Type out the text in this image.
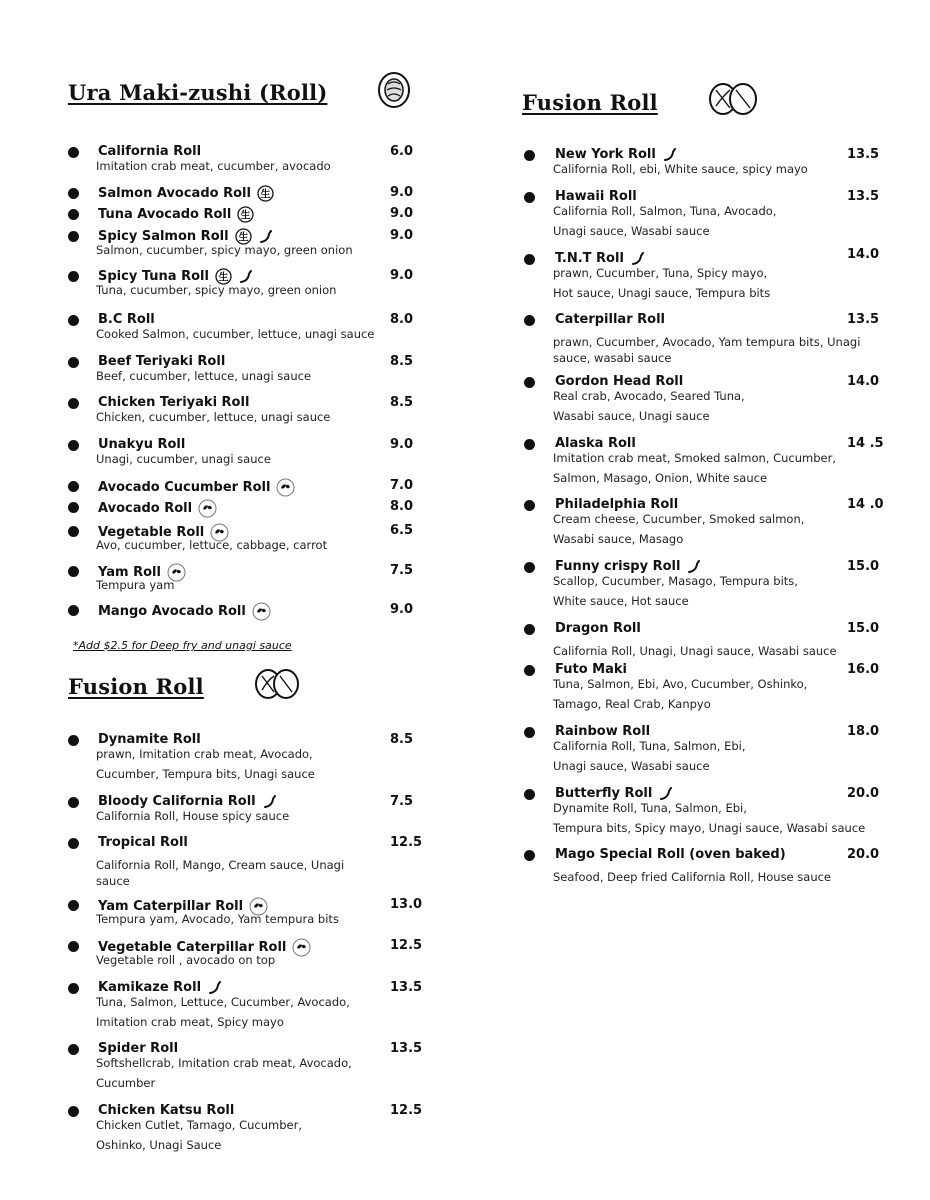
Ura Maki-zushi (Roll)
California Roll	6.0
Imitation crab meat, cucumber, avocado
Salmon Avocado Roll 生	9.0
Tuna Avocado Roll 生	9.0
Spicy Salmon Roll 生	9.0
Salmon, cucumber, spicy mayo, green onion
Spicy Tuna Roll 生	9.0
Tuna, cucumber, spicy mayo, green onion
B.C Roll	8.0
Cooked Salmon, cucumber, lettuce, unagi sauce
Beef Teriyaki Roll	8.5
Beef, cucumber, lettuce, unagi sauce
Chicken Teriyaki Roll	8.5
Chicken, cucumber, lettuce, unagi sauce
Unakyu Roll	9.0
Unagi, cucumber, unagi sauce
Avocado Cucumber Roll	7.0
Avocado Roll	8.0
Vegetable Roll	6.5
Avo, cucumber, lettuce, cabbage, carrot
Yam Roll	7.5
Tempura yam
Mango Avocado Roll	9.0
*Add $2.5 for Deep fry and unagi sauce
Fusion Roll
Dynamite Roll	8.5
prawn, Imitation crab meat, Avocado,
Cucumber, Tempura bits, Unagi sauce
Bloody California Roll	7.5
California Roll, House spicy sauce
Tropical Roll	12.5
California Roll, Mango, Cream sauce, Unagi sauce
Yam Caterpillar Roll	13.0
Tempura yam, Avocado, Yam tempura bits
Vegetable Caterpillar Roll	12.5
Vegetable roll , avocado on top
Kamikaze Roll	13.5
Tuna, Salmon, Lettuce, Cucumber, Avocado,
Imitation crab meat, Spicy mayo
Spider Roll	13.5
Softshellcrab, Imitation crab meat, Avocado,
Cucumber
Chicken Katsu Roll	12.5
Chicken Cutlet, Tamago, Cucumber,
Oshinko, Unagi Sauce
Fusion Roll
New York Roll	13.5
California Roll, ebi, White sauce, spicy mayo
Hawaii Roll	13.5
California Roll, Salmon, Tuna, Avocado,
Unagi sauce, Wasabi sauce
T.N.T Roll	14.0
prawn, Cucumber, Tuna, Spicy mayo,
Hot sauce, Unagi sauce, Tempura bits
Caterpillar Roll	13.5
prawn, Cucumber, Avocado, Yam tempura bits, Unagi sauce, wasabi sauce
Gordon Head Roll	14.0
Real crab, Avocado, Seared Tuna,
Wasabi sauce, Unagi sauce
Alaska Roll	14 .5
Imitation crab meat, Smoked salmon, Cucumber,
Salmon, Masago, Onion, White sauce
Philadelphia Roll	14 .0
Cream cheese, Cucumber, Smoked salmon,
Wasabi sauce, Masago
Funny crispy Roll	15.0
Scallop, Cucumber, Masago, Tempura bits,
White sauce, Hot sauce
Dragon Roll	15.0
California Roll, Unagi, Unagi sauce, Wasabi sauce
Futo Maki	16.0
Tuna, Salmon, Ebi, Avo, Cucumber, Oshinko,
Tamago, Real Crab, Kanpyo
Rainbow Roll	18.0
California Roll, Tuna, Salmon, Ebi,
Unagi sauce, Wasabi sauce
Butterfly Roll	20.0
Dynamite Roll, Tuna, Salmon, Ebi,
Tempura bits, Spicy mayo, Unagi sauce, Wasabi sauce
Mago Special Roll (oven baked)	20.0
Seafood, Deep fried California Roll, House sauce
